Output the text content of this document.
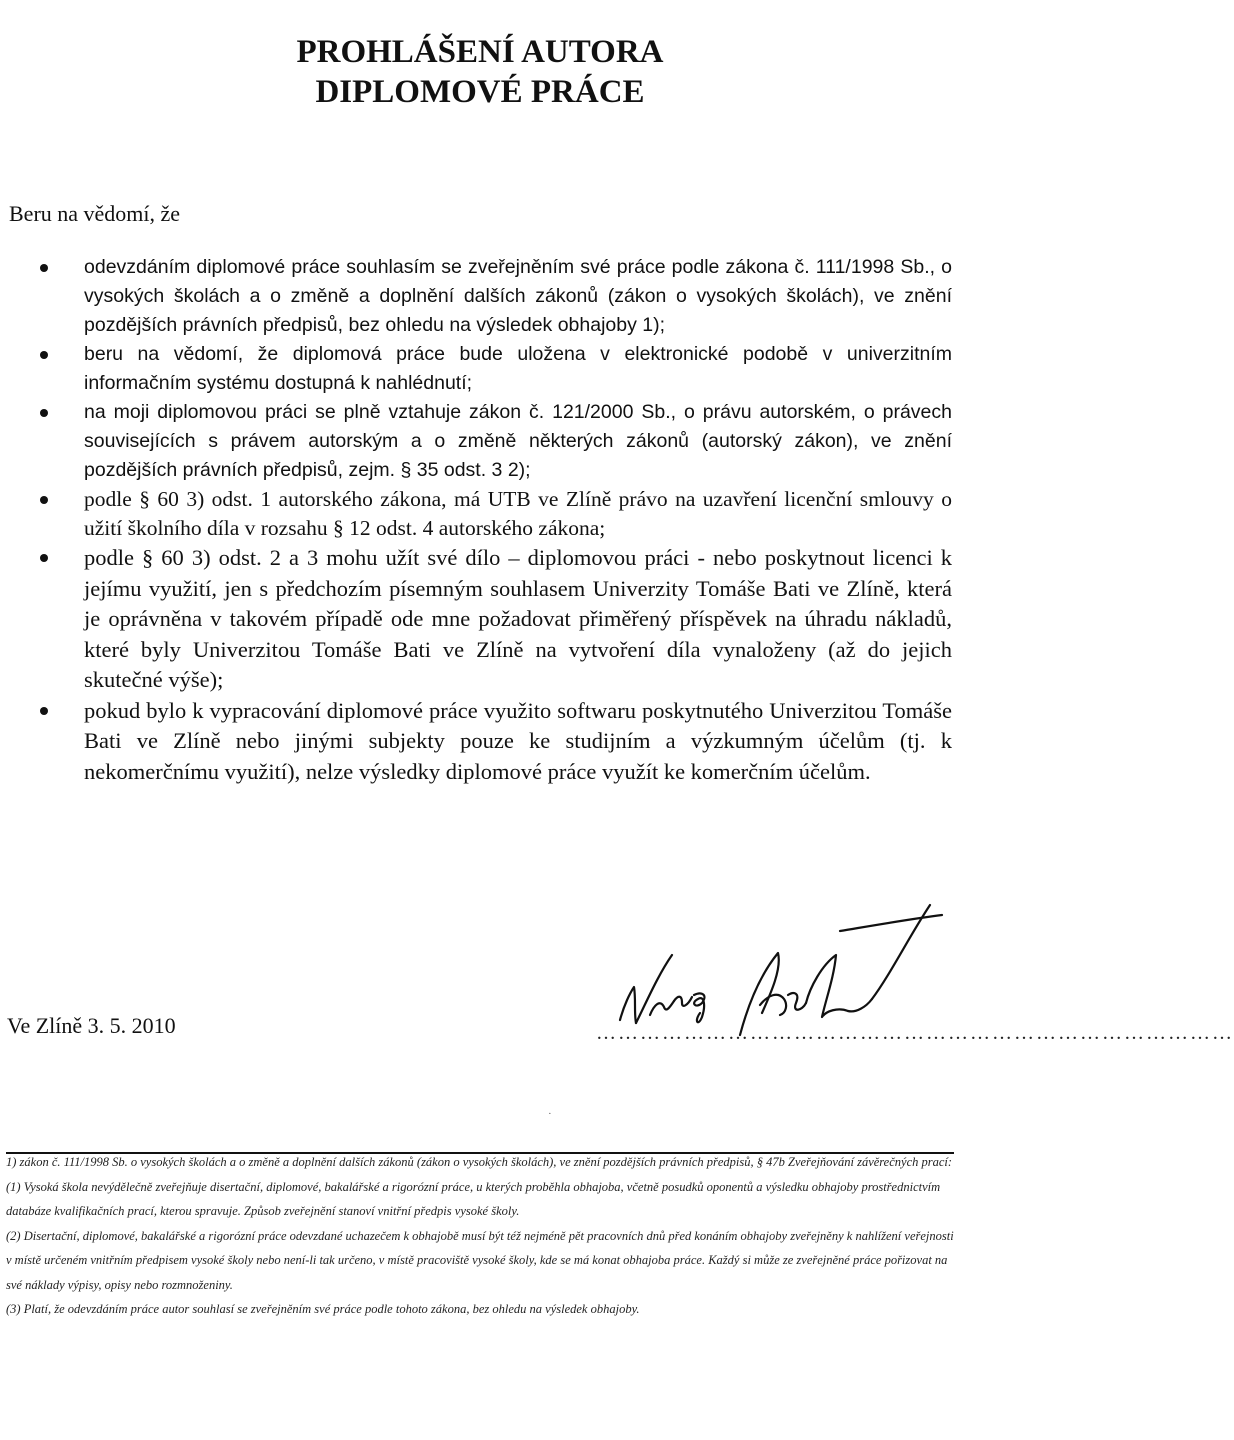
PROHLÁŠENÍ AUTORA
DIPLOMOVÉ PRÁCE
Beru na vědomí, že
odevzdáním diplomové práce souhlasím se zveřejněním své práce podle zákona č. 111/1998 Sb., o vysokých školách a o změně a doplnění dalších zákonů (zákon o vysokých školách), ve znění pozdějších právních předpisů, bez ohledu na výsledek obhajoby 1);
beru na vědomí, že diplomová práce bude uložena v elektronické podobě v univerzitním informačním systému dostupná k nahlédnutí;
na moji diplomovou práci se plně vztahuje zákon č. 121/2000 Sb., o právu autorském, o právech souvisejících s právem autorským a o změně některých zákonů (autorský zákon), ve znění pozdějších právních předpisů, zejm. § 35 odst. 3 2);
podle § 60 3) odst. 1 autorského zákona, má UTB ve Zlíně právo na uzavření licenční smlouvy o užití školního díla v rozsahu § 12 odst. 4 autorského zákona;
podle § 60 3) odst. 2 a 3 mohu užít své dílo – diplomovou práci - nebo poskytnout licenci k jejímu využití, jen s předchozím písemným souhlasem Univerzity Tomáše Bati ve Zlíně, která je oprávněna v takovém případě ode mne požadovat přiměřený příspěvek na úhradu nákladů, které byly Univerzitou Tomáše Bati ve Zlíně na vytvoření díla vynaloženy (až do jejich skutečné výše);
pokud bylo k vypracování diplomové práce využito softwaru poskytnutého Univerzitou Tomáše Bati ve Zlíně nebo jinými subjekty pouze ke studijním a výzkumným účelům (tj. k nekomerčnímu využití), nelze výsledky diplomové práce využít ke komerčním účelům.
Ve Zlíně 3. 5. 2010	……………………………………………………………………………
·

1) zákon č. 111/1998 Sb. o vysokých školách a o změně a doplnění dalších zákonů (zákon o vysokých školách), ve znění pozdějších právních předpisů, § 47b Zveřejňování závěrečných prací:

(1) Vysoká škola nevýdělečně zveřejňuje disertační, diplomové, bakalářské a rigorózní práce, u kterých proběhla obhajoba, včetně posudků oponentů a výsledku obhajoby prostřednictvím databáze kvalifikačních prací, kterou spravuje. Způsob zveřejnění stanoví vnitřní předpis vysoké školy.

(2) Disertační, diplomové, bakalářské a rigorózní práce odevzdané uchazečem k obhajobě musí být též nejméně pět pracovních dnů před konáním obhajoby zveřejněny k nahlížení veřejnosti v místě určeném vnitřním předpisem vysoké školy nebo není-li tak určeno, v místě pracoviště vysoké školy, kde se má konat obhajoba práce. Každý si může ze zveřejněné práce pořizovat na své náklady výpisy, opisy nebo rozmnoženiny.

(3) Platí, že odevzdáním práce autor souhlasí se zveřejněním své práce podle tohoto zákona, bez ohledu na výsledek obhajoby.
